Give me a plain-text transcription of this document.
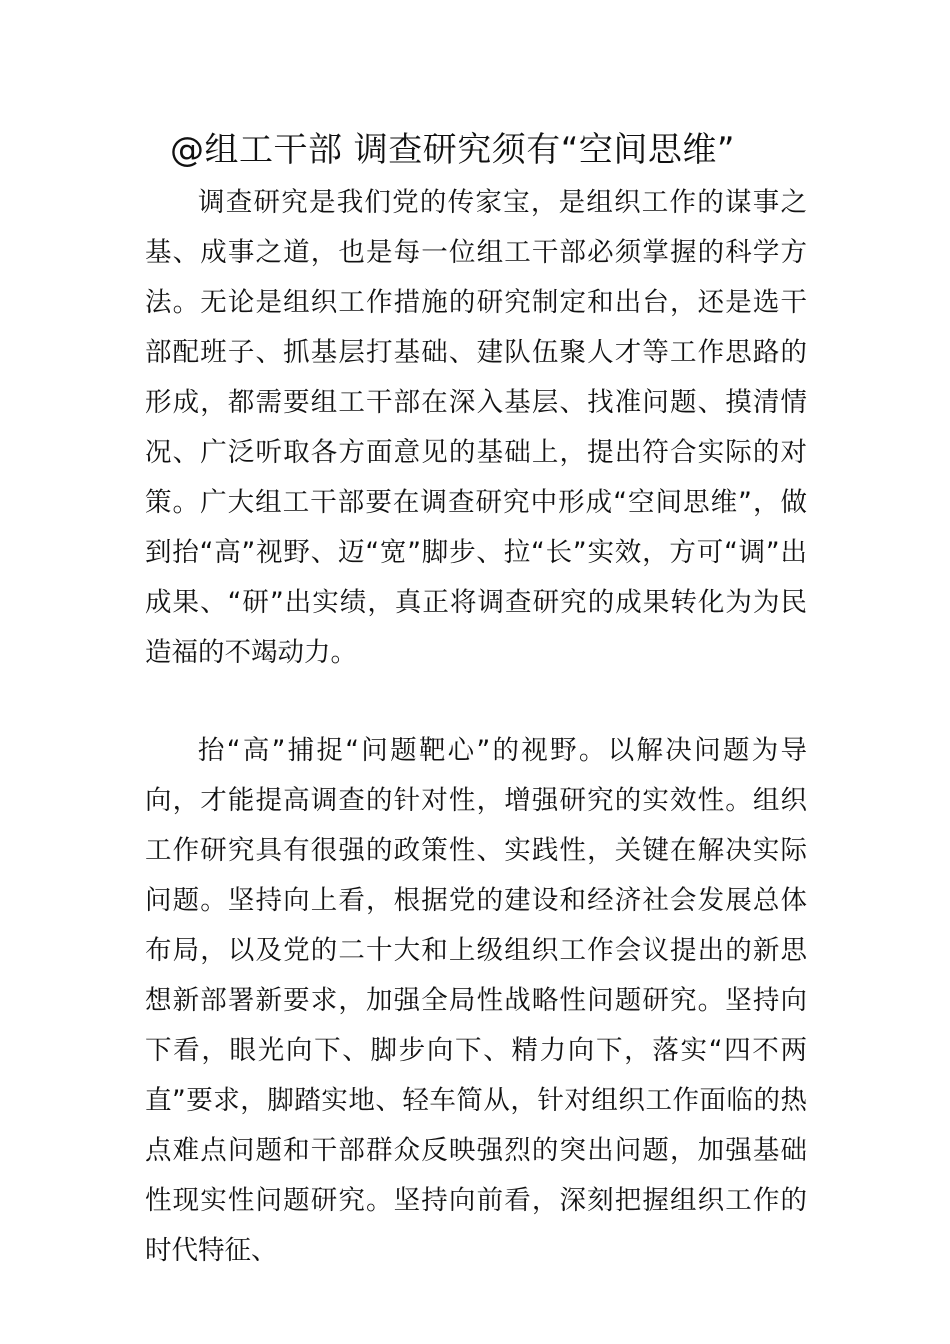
@组工干部 调查研究须有“空间思维”

调查研究是我们党的传家宝，是组织工作的谋事之基、成事之道，也是每一位组工干部必须掌握的科学方法。无论是组织工作措施的研究制定和出台，还是选干部配班子、抓基层打基础、建队伍聚人才等工作思路的形成，都需要组工干部在深入基层、找准问题、摸清情况、广泛听取各方面意见的基础上，提出符合实际的对策。广大组工干部要在调查研究中形成“空间思维”，做到抬“高”视野、迈“宽”脚步、拉“长”实效，方可“调”出成果、“研”出实绩，真正将调查研究的成果转化为为民造福的不竭动力。

抬“高”捕捉“问题靶心”的视野。以解决问题为导向，才能提高调查的针对性，增强研究的实效性。组织工作研究具有很强的政策性、实践性，关键在解决实际问题。坚持向上看，根据党的建设和经济社会发展总体布局，以及党的二十大和上级组织工作会议提出的新思想新部署新要求，加强全局性战略性问题研究。坚持向下看，眼光向下、脚步向下、精力向下，落实“四不两直”要求，脚踏实地、轻车简从，针对组织工作面临的热点难点问题和干部群众反映强烈的突出问题，加强基础性现实性问题研究。坚持向前看，深刻把握组织工作的时代特征、
